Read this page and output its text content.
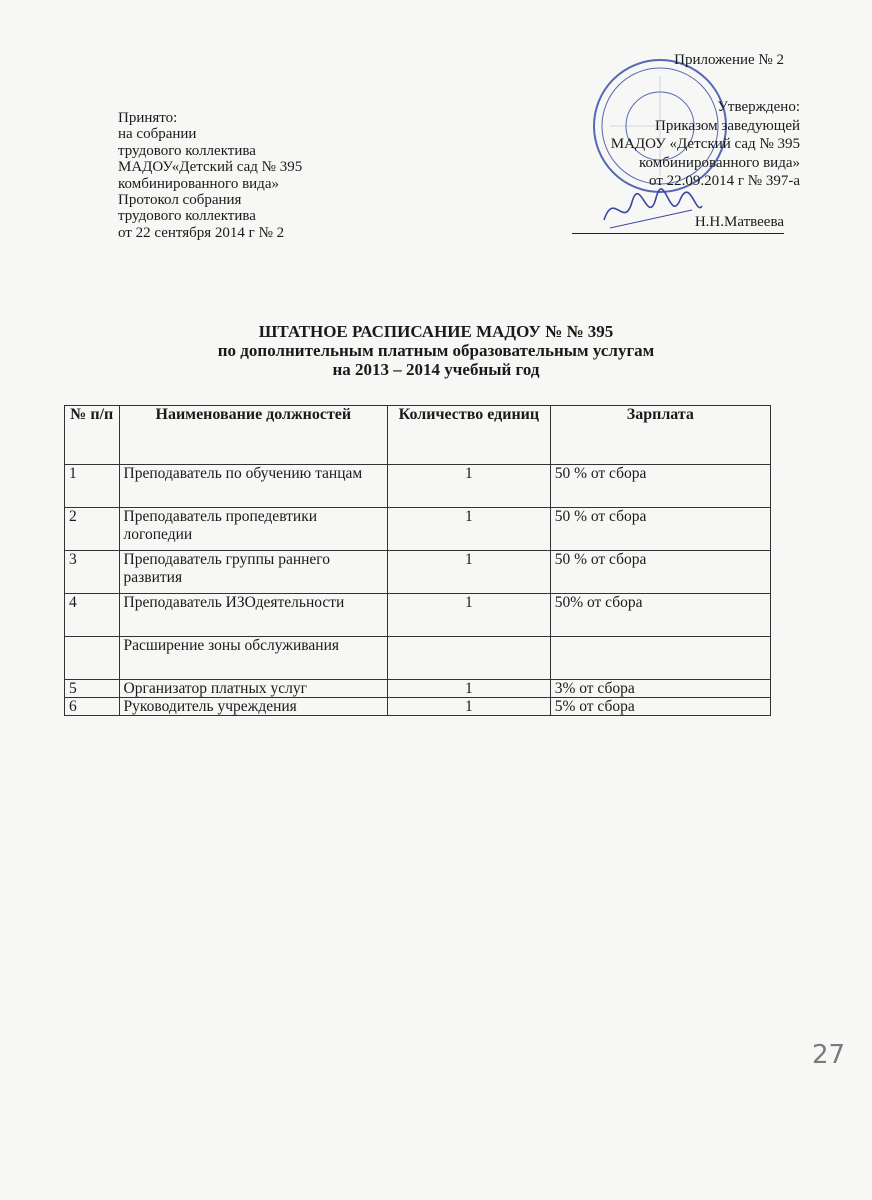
Принято:
на собрании
трудового коллектива
МАДОУ«Детский сад № 395
комбинированного вида»
Протокол собрания
трудового коллектива
от 22 сентября 2014 г № 2
Приложение № 2
Утверждено:
Приказом заведующей
МАДОУ «Детский сад № 395
комбинированного вида»
от 22.09.2014 г № 397-а
Н.Н.Матвеева
ШТАТНОЕ РАСПИСАНИЕ МАДОУ № № 395
по дополнительным платным образовательным услугам
на 2013 – 2014 учебный год
№ п/п	Наименование должностей	Количество единиц	Зарплата
1	Преподаватель по обучению танцам	1	50 % от сбора
2	Преподаватель пропедевтики логопедии	1	50 % от сбора
3	Преподаватель группы раннего развития	1	50 % от сбора
4	Преподаватель ИЗОдеятельности	1	50% от сбора
	Расширение зоны обслуживания		
5	Организатор платных услуг	1	3% от сбора
6	Руководитель учреждения	1	5% от сбора
27
